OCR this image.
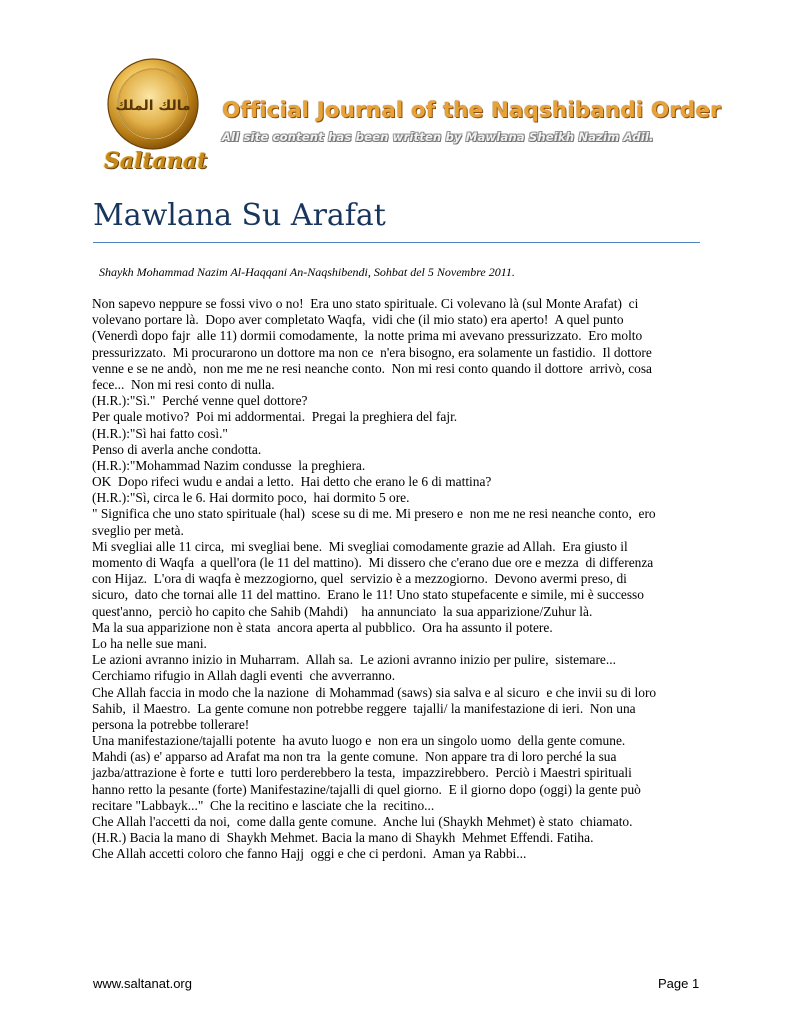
مالك الملك
Saltanat
Official Journal of the Naqshibandi Order
All site content has been written by Mawlana Sheikh Nazim Adil.
Mawlana Su Arafat
Shaykh Mohammad Nazim Al-Haqqani An-Naqshibendi, Sohbat del 5 Novembre 2011.
Non sapevo neppure se fossi vivo o no!  Era uno stato spirituale. Ci volevano là (sul Monte Arafat)  ci
volevano portare là.  Dopo aver completato Waqfa,  vidi che (il mio stato) era aperto!  A quel punto
(Venerdì dopo fajr  alle 11) dormii comodamente,  la notte prima mi avevano pressurizzato.  Ero molto
pressurizzato.  Mi procurarono un dottore ma non ce  n'era bisogno, era solamente un fastidio.  Il dottore
venne e se ne andò,  non me me ne resi neanche conto.  Non mi resi conto quando il dottore  arrivò, cosa
fece...  Non mi resi conto di nulla.
(H.R.):"Sì."  Perché venne quel dottore?
Per quale motivo?  Poi mi addormentai.  Pregai la preghiera del fajr.
(H.R.):"Sì hai fatto così."
Penso di averla anche condotta.
(H.R.):"Mohammad Nazim condusse  la preghiera.
OK  Dopo rifeci wudu e andai a letto.  Hai detto che erano le 6 di mattina?
(H.R.):"Sì, circa le 6. Hai dormito poco,  hai dormito 5 ore.
" Significa che uno stato spirituale (hal)  scese su di me. Mi presero e  non me ne resi neanche conto,  ero
sveglio per metà.
Mi svegliai alle 11 circa,  mi svegliai bene.  Mi svegliai comodamente grazie ad Allah.  Era giusto il
momento di Waqfa  a quell'ora (le 11 del mattino).  Mi dissero che c'erano due ore e mezza  di differenza
con Hijaz.  L'ora di waqfa è mezzogiorno, quel  servizio è a mezzogiorno.  Devono avermi preso, di
sicuro,  dato che tornai alle 11 del mattino.  Erano le 11! Uno stato stupefacente e simile, mi è successo
quest'anno,  perciò ho capito che Sahib (Mahdi)    ha annunciato  la sua apparizione/Zuhur là.
Ma la sua apparizione non è stata  ancora aperta al pubblico.  Ora ha assunto il potere.
Lo ha nelle sue mani.
Le azioni avranno inizio in Muharram.  Allah sa.  Le azioni avranno inizio per pulire,  sistemare...
Cerchiamo rifugio in Allah dagli eventi  che avverranno.
Che Allah faccia in modo che la nazione  di Mohammad (saws) sia salva e al sicuro  e che invii su di loro
Sahib,  il Maestro.  La gente comune non potrebbe reggere  tajalli/ la manifestazione di ieri.  Non una
persona la potrebbe tollerare!
Una manifestazione/tajalli potente  ha avuto luogo e  non era un singolo uomo  della gente comune.
Mahdi (as) e' apparso ad Arafat ma non tra  la gente comune.  Non appare tra di loro perché la sua
jazba/attrazione è forte e  tutti loro perderebbero la testa,  impazzirebbero.  Perciò i Maestri spirituali
hanno retto la pesante (forte) Manifestazine/tajalli di quel giorno.  E il giorno dopo (oggi) la gente può
recitare "Labbayk..."  Che la recitino e lasciate che la  recitino...
Che Allah l'accetti da noi,  come dalla gente comune.  Anche lui (Shaykh Mehmet) è stato  chiamato.
(H.R.) Bacia la mano di  Shaykh Mehmet. Bacia la mano di Shaykh  Mehmet Effendi. Fatiha.
Che Allah accetti coloro che fanno Hajj  oggi e che ci perdoni.  Aman ya Rabbi...
www.saltanat.org	Page 1
